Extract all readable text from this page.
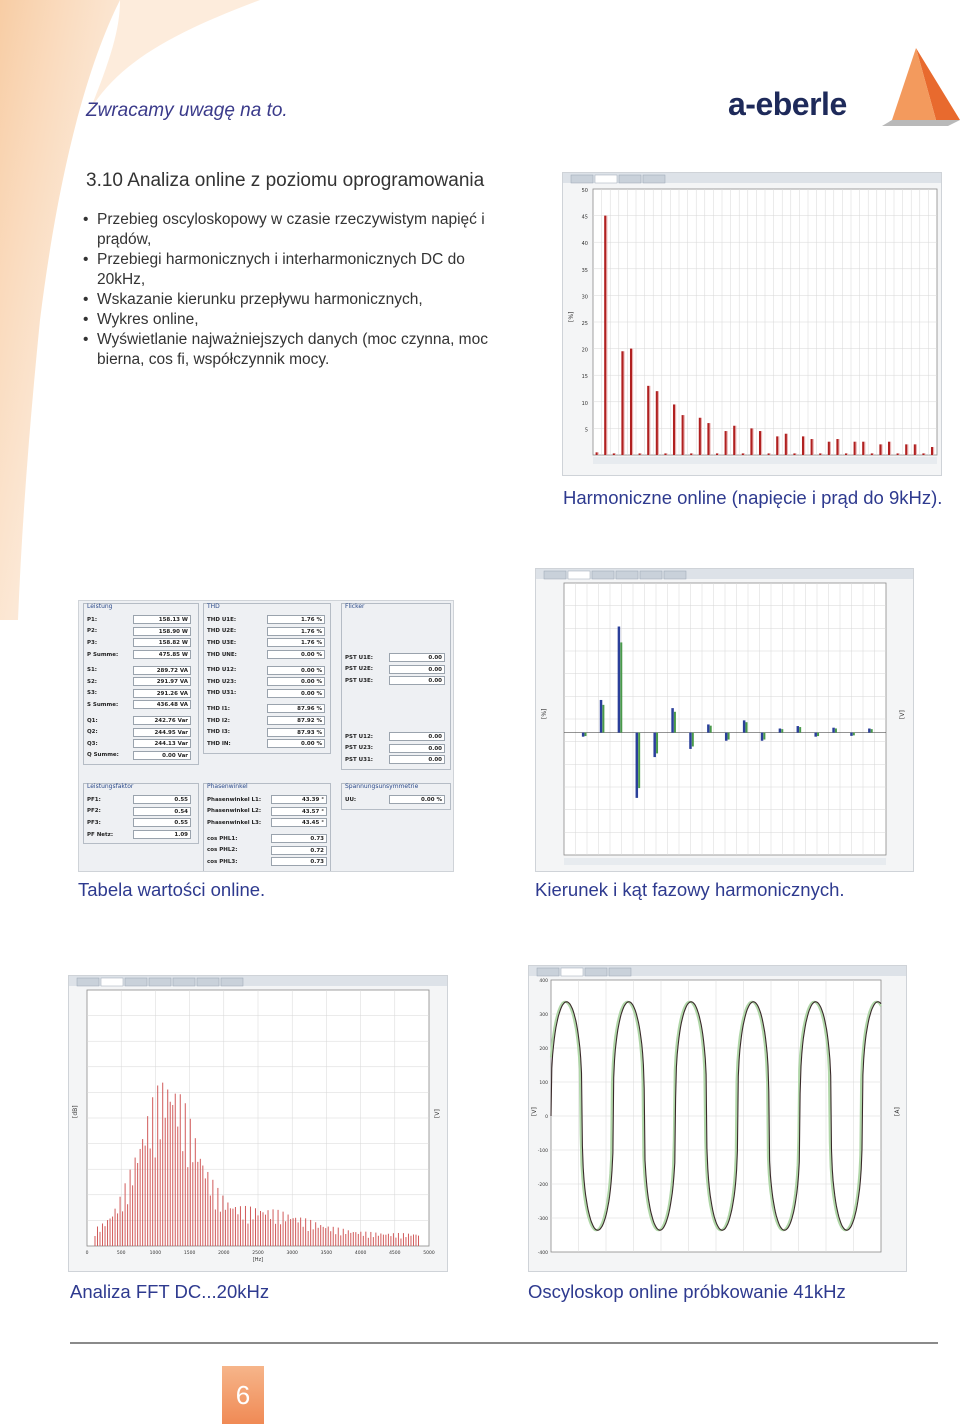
Zwracamy uwagę na to.	a-eberle
3.10 Analiza online z poziomu oprogramowania
• Przebieg oscyloskopowy w czasie rzeczywistym napięć i prądów,
• Przebiegi harmonicznych i interharmonicznych DC do 20kHz,
• Wskazanie kierunku przepływu harmonicznych,
• Wykres online,
• Wyświetlanie najważniejszych danych (moc czynna, moc bierna, cos fi, współczynnik mocy.
50
45
40
35
30
25
20
15
10
5
[%]
Harmoniczne online (napięcie i prąd do 9kHz).
Leistung
P1:	158.13 W
P2:	158.90 W
P3:	158.82 W
P Summe:	475.85 W
S1:	289.72 VA
S2:	291.97 VA
S3:	291.26 VA
S Summe:	436.48 VA
Q1:	242.76 Var
Q2:	244.95 Var
Q3:	244.13 Var
Q Summe:	0.00 Var
THD
THD U1E:	1.76 %
THD U2E:	1.76 %
THD U3E:	1.76 %
THD UNE:	0.00 %
THD U12:	0.00 %
THD U23:	0.00 %
THD U31:	0.00 %
THD I1:	87.96 %
THD I2:	87.92 %
THD I3:	87.93 %
THD IN:	0.00 %
Flicker
PST U1E:	0.00
PST U2E:	0.00
PST U3E:	0.00
PST U12:	0.00
PST U23:	0.00
PST U31:	0.00
Leistungsfaktor
PF1:	0.55
PF2:	0.54
PF3:	0.55
PF Netz:	1.09
Phasenwinkel
Phasenwinkel L1:	43.39 °
Phasenwinkel L2:	43.57 °
Phasenwinkel L3:	43.45 °
cos PHL1:	0.73
cos PHL2:	0.72
cos PHL3:	0.73
Spannungsunsymmetrie
UU:	0.00 %
Tabela wartości online.
[%]	[V]
Kierunek i kąt fazowy harmonicznych.
[dB]	[V]
0	500	1000	1500	2000	2500	3000	3500	4000	4500	5000
[Hz]
Analiza FFT DC...20kHz
400
300
200
100
0
-100
-200
-300
-400
[V]	[A]
Oscyloskop online próbkowanie 41kHz
6
